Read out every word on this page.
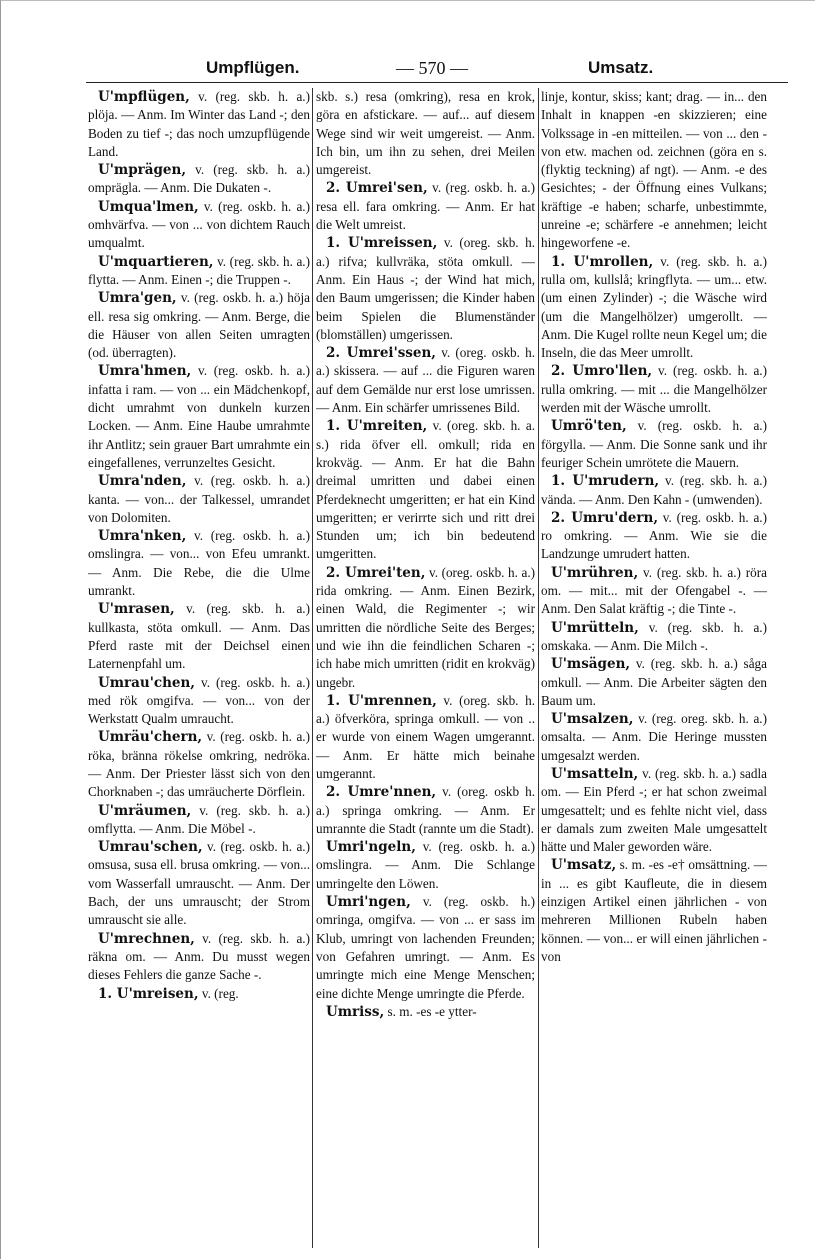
Umpflügen.	— 570 —	Umsatz.

U'mpflügen, v. (reg. skb. h. a.) plöja. — Anm. Im Winter das Land -; den Boden zu tief -; das noch umzupflügende Land.

U'mprägen, v. (reg. skb. h. a.) omprägla. — Anm. Die Dukaten -.

Umqua'lmen, v. (reg. oskb. h. a.) omhvärfva. — von ... von dichtem Rauch umqualmt.

U'mquartieren, v. (reg. skb. h. a.) flytta. — Anm. Einen -; die Truppen -.

Umra'gen, v. (reg. oskb. h. a.) höja ell. resa sig omkring. — Anm. Berge, die die Häuser von allen Seiten umragten (od. überragten).

Umra'hmen, v. (reg. oskb. h. a.) infatta i ram. — von ... ein Mädchenkopf, dicht umrahmt von dunkeln kurzen Locken. — Anm. Eine Haube umrahmte ihr Antlitz; sein grauer Bart umrahmte ein eingefallenes, verrunzeltes Gesicht.

Umra'nden, v. (reg. oskb. h. a.) kanta. — von... der Talkessel, umrandet von Dolomiten.

Umra'nken, v. (reg. oskb. h. a.) omslingra. — von... von Efeu umrankt. — Anm. Die Rebe, die die Ulme umrankt.

U'mrasen, v. (reg. skb. h. a.) kullkasta, stöta omkull. — Anm. Das Pferd raste mit der Deichsel einen Laternenpfahl um.

Umrau'chen, v. (reg. oskb. h. a.) med rök omgifva. — von... von der Werkstatt Qualm umraucht.

Umräu'chern, v. (reg. oskb. h. a.) röka, bränna rökelse omkring, nedröka. — Anm. Der Priester lässt sich von den Chorknaben -; das umräucherte Dörflein.

U'mräumen, v. (reg. skb. h. a.) omflytta. — Anm. Die Möbel -.

Umrau'schen, v. (reg. oskb. h. a.) omsusa, susa ell. brusa omkring. — von... vom Wasserfall umrauscht. — Anm. Der Bach, der uns umrauscht; der Strom umrauscht sie alle.

U'mrechnen, v. (reg. skb. h. a.) räkna om. — Anm. Du musst wegen dieses Fehlers die ganze Sache -.

1. U'mreisen, v. (reg.

skb. s.) resa (omkring), resa en krok, göra en afstickare. — auf... auf diesem Wege sind wir weit umgereist. — Anm. Ich bin, um ihn zu sehen, drei Meilen umgereist.

2. Umrei'sen, v. (reg. oskb. h. a.) resa ell. fara omkring. — Anm. Er hat die Welt umreist.

1. U'mreissen, v. (oreg. skb. h. a.) rifva; kullvräka, stöta omkull. — Anm. Ein Haus -; der Wind hat mich, den Baum umgerissen; die Kinder haben beim Spielen die Blumenständer (blomställen) umgerissen.

2. Umrei'ssen, v. (oreg. oskb. h. a.) skissera. — auf ... die Figuren waren auf dem Gemälde nur erst lose umrissen. — Anm. Ein schärfer umrissenes Bild.

1. U'mreiten, v. (oreg. skb. h. a. s.) rida öfver ell. omkull; rida en krokväg. — Anm. Er hat die Bahn dreimal umritten und dabei einen Pferdeknecht umgeritten; er hat ein Kind umgeritten; er verirrte sich und ritt drei Stunden um; ich bin bedeutend umgeritten.

2. Umrei'ten, v. (oreg. oskb. h. a.) rida omkring. — Anm. Einen Bezirk, einen Wald, die Regimenter -; wir umritten die nördliche Seite des Berges; und wie ihn die feindlichen Scharen -; ich habe mich umritten (ridit en krokväg) ungebr.

1. U'mrennen, v. (oreg. skb. h. a.) öfverköra, springa omkull. — von .. er wurde von einem Wagen umgerannt. — Anm. Er hätte mich beinahe umgerannt.

2. Umre'nnen, v. (oreg. oskb h. a.) springa omkring. — Anm. Er umrannte die Stadt (rannte um die Stadt).

Umri'ngeln, v. (reg. oskb. h. a.) omslingra. — Anm. Die Schlange umringelte den Löwen.

Umri'ngen, v. (reg. oskb. h.) omringa, omgifva. — von ... er sass im Klub, umringt von lachenden Freunden; von Gefahren umringt. — Anm. Es umringte mich eine Menge Menschen; eine dichte Menge umringte die Pferde.

Umriss, s. m. -es -e ytter-

linje, kontur, skiss; kant; drag. — in... den Inhalt in knappen -en skizzieren; eine Volkssage in -en mitteilen. — von ... den - von etw. machen od. zeichnen (göra en s. (flyktig teckning) af ngt). — Anm. -e des Gesichtes; - der Öffnung eines Vulkans; kräftige -e haben; scharfe, unbestimmte, unreine -e; schärfere -e annehmen; leicht hingeworfene -e.

1. U'mrollen, v. (reg. skb. h. a.) rulla om, kullslå; kringflyta. — um... etw. (um einen Zylinder) -; die Wäsche wird (um die Mangelhölzer) umgerollt. — Anm. Die Kugel rollte neun Kegel um; die Inseln, die das Meer umrollt.

2. Umro'llen, v. (reg. oskb. h. a.) rulla omkring. — mit ... die Mangelhölzer werden mit der Wäsche umrollt.

Umrö'ten, v. (reg. oskb. h. a.) förgylla. — Anm. Die Sonne sank und ihr feuriger Schein umrötete die Mauern.

1. U'mrudern, v. (reg. skb. h. a.) vända. — Anm. Den Kahn - (umwenden).

2. Umru'dern, v. (reg. oskb. h. a.) ro omkring. — Anm. Wie sie die Landzunge umrudert hatten.

U'mrühren, v. (reg. skb. h. a.) röra om. — mit... mit der Ofengabel -. — Anm. Den Salat kräftig -; die Tinte -.

U'mrütteln, v. (reg. skb. h. a.) omskaka. — Anm. Die Milch -.

U'msägen, v. (reg. skb. h. a.) såga omkull. — Anm. Die Arbeiter sägten den Baum um.

U'msalzen, v. (reg. oreg. skb. h. a.) omsalta. — Anm. Die Heringe mussten umgesalzt werden.

U'msatteln, v. (reg. skb. h. a.) sadla om. — Ein Pferd -; er hat schon zweimal umgesattelt; und es fehlte nicht viel, dass er damals zum zweiten Male umgesattelt hätte und Maler geworden wäre.

U'msatz, s. m. -es -e† omsättning. — in ... es gibt Kaufleute, die in diesem einzigen Artikel einen jährlichen - von mehreren Millionen Rubeln haben können. — von... er will einen jährlichen - von
